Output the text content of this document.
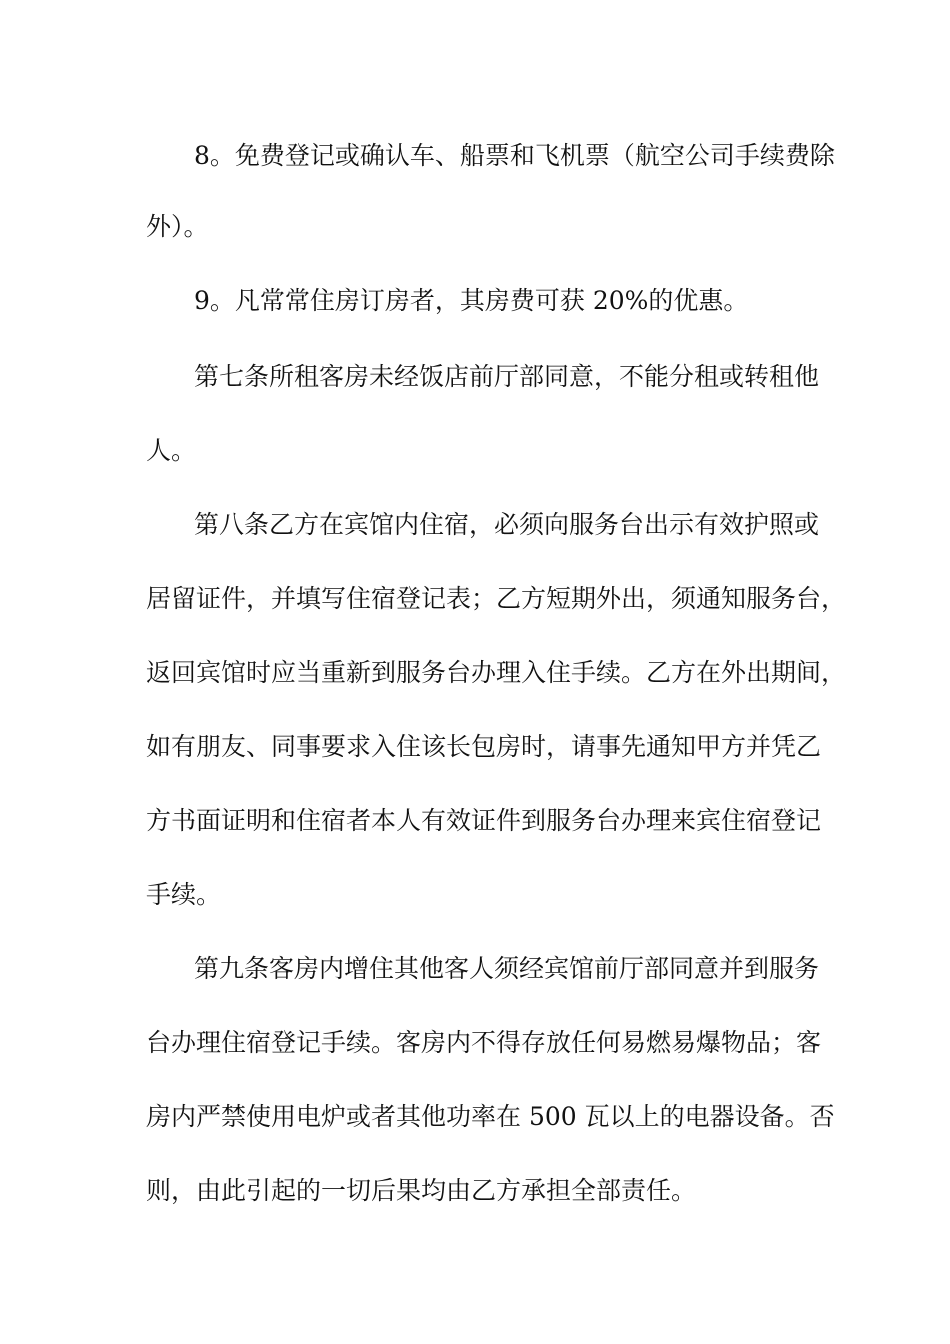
8。免费登记或确认车、船票和飞机票（航空公司手续费除
外）。
9。凡常常住房订房者，其房费可获 20%的优惠。
第七条所租客房未经饭店前厅部同意，不能分租或转租他
人。
第八条乙方在宾馆内住宿，必须向服务台出示有效护照或
居留证件，并填写住宿登记表；乙方短期外出，须通知服务台，
返回宾馆时应当重新到服务台办理入住手续。乙方在外出期间，
如有朋友、同事要求入住该长包房时，请事先通知甲方并凭乙
方书面证明和住宿者本人有效证件到服务台办理来宾住宿登记
手续。
第九条客房内增住其他客人须经宾馆前厅部同意并到服务
台办理住宿登记手续。客房内不得存放任何易燃易爆物品；客
房内严禁使用电炉或者其他功率在 500 瓦以上的电器设备。否
则，由此引起的一切后果均由乙方承担全部责任。
